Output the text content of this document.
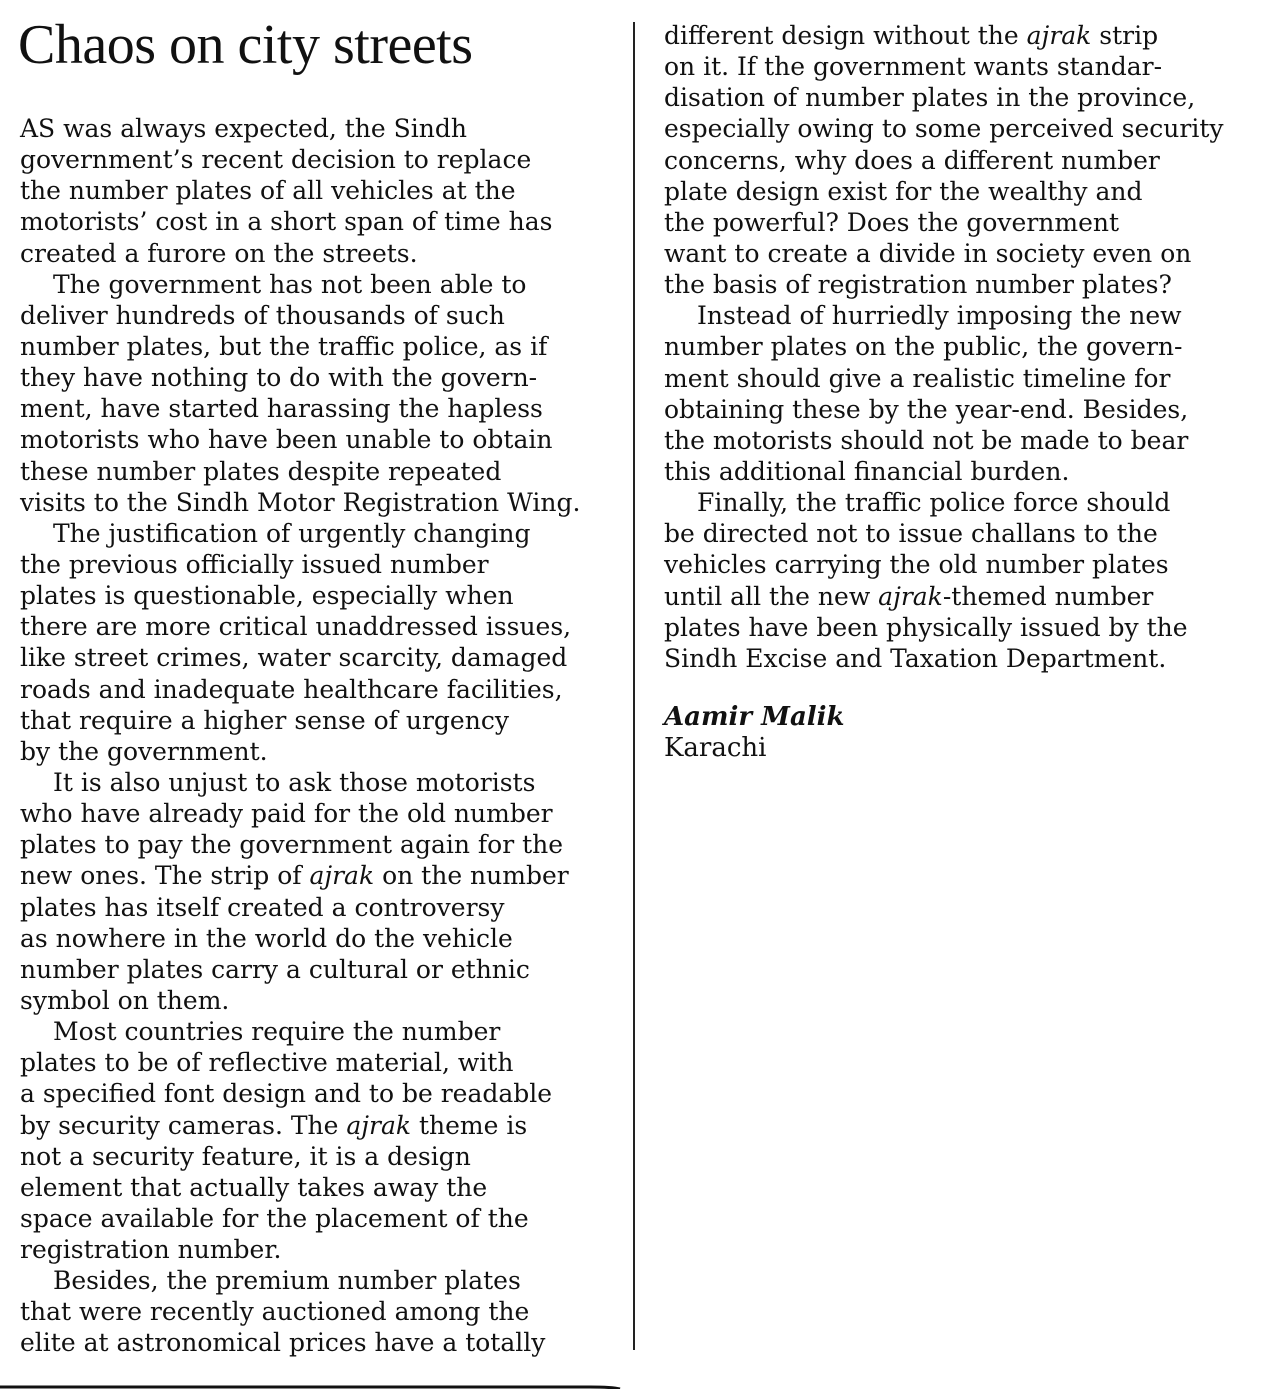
Chaos on city streets
AS was always expected, the Sindh
government’s recent decision to replace
the number plates of all vehicles at the
motorists’ cost in a short span of time has
created a furore on the streets.
The government has not been able to
deliver hundreds of thousands of such
number plates, but the traffic police, as if
they have nothing to do with the govern-
ment, have started harassing the hapless
motorists who have been unable to obtain
these number plates despite repeated
visits to the Sindh Motor Registration Wing.
The justification of urgently changing
the previous officially issued number
plates is questionable, especially when
there are more critical unaddressed issues,
like street crimes, water scarcity, damaged
roads and inadequate healthcare facilities,
that require a higher sense of urgency
by the government.
It is also unjust to ask those motorists
who have already paid for the old number
plates to pay the government again for the
new ones. The strip of ajrak on the number
plates has itself created a controversy
as nowhere in the world do the vehicle
number plates carry a cultural or ethnic
symbol on them.
Most countries require the number
plates to be of reflective material, with
a specified font design and to be readable
by security cameras. The ajrak theme is
not a security feature, it is a design
element that actually takes away the
space available for the placement of the
registration number.
Besides, the premium number plates
that were recently auctioned among the
elite at astronomical prices have a totally
different design without the ajrak strip
on it. If the government wants standar-
disation of number plates in the province,
especially owing to some perceived security
concerns, why does a different number
plate design exist for the wealthy and
the powerful? Does the government
want to create a divide in society even on
the basis of registration number plates?
Instead of hurriedly imposing the new
number plates on the public, the govern-
ment should give a realistic timeline for
obtaining these by the year-end. Besides,
the motorists should not be made to bear
this additional financial burden.
Finally, the traffic police force should
be directed not to issue challans to the
vehicles carrying the old number plates
until all the new ajrak-themed number
plates have been physically issued by the
Sindh Excise and Taxation Department.
Aamir Malik
Karachi
